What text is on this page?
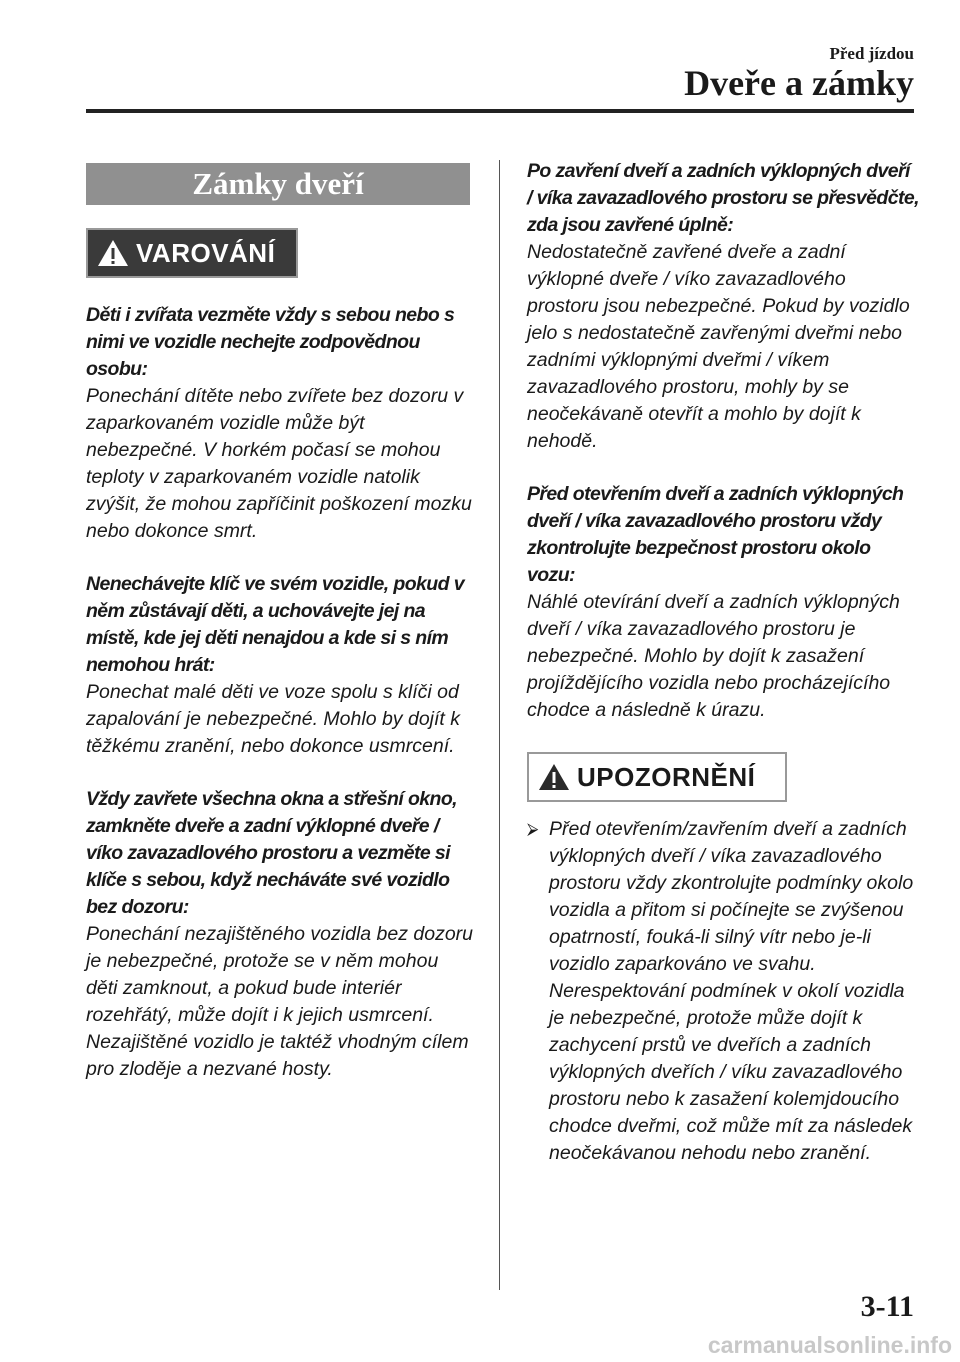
Před jízdou
Dveře a zámky
Zámky dveří
VAROVÁNÍ
Děti i zvířata vezměte vždy s sebou nebo s nimi ve vozidle nechejte zodpovědnou osobu:
Ponechání dítěte nebo zvířete bez dozoru v zaparkovaném vozidle může být nebezpečné. V horkém počasí se mohou teploty v zaparkovaném vozidle natolik zvýšit, že mohou zapříčinit poškození mozku nebo dokonce smrt.
Nenechávejte klíč ve svém vozidle, pokud v něm zůstávají děti, a uchovávejte jej na místě, kde jej děti nenajdou a kde si s ním nemohou hrát:
Ponechat malé děti ve voze spolu s klíči od zapalování je nebezpečné. Mohlo by dojít k těžkému zranění, nebo dokonce usmrcení.
Vždy zavřete všechna okna a střešní okno, zamkněte dveře a zadní výklopné dveře / víko zavazadlového prostoru a vezměte si klíče s sebou, když necháváte své vozidlo bez dozoru:
Ponechání nezajištěného vozidla bez dozoru je nebezpečné, protože se v něm mohou děti zamknout, a pokud bude interiér rozehřátý, může dojít i k jejich usmrcení. Nezajištěné vozidlo je taktéž vhodným cílem pro zloděje a nezvané hosty.
Po zavření dveří a zadních výklopných dveří / víka zavazadlového prostoru se přesvědčte, zda jsou zavřené úplně:
Nedostatečně zavřené dveře a zadní výklopné dveře / víko zavazadlového prostoru jsou nebezpečné. Pokud by vozidlo jelo s nedostatečně zavřenými dveřmi nebo zadními výklopnými dveřmi / víkem zavazadlového prostoru, mohly by se neočekávaně otevřít a mohlo by dojít k nehodě.
Před otevřením dveří a zadních výklopných dveří / víka zavazadlového prostoru vždy zkontrolujte bezpečnost prostoru okolo vozu:
Náhlé otevírání dveří a zadních výklopných dveří / víka zavazadlového prostoru je nebezpečné. Mohlo by dojít k zasažení projíždějícího vozidla nebo procházejícího chodce a následně k úrazu.
UPOZORNĚNÍ
⮚ Před otevřením/zavřením dveří a zadních výklopných dveří / víka zavazadlového prostoru vždy zkontrolujte podmínky okolo vozidla a přitom si počínejte se zvýšenou opatrností, fouká-li silný vítr nebo je-li vozidlo zaparkováno ve svahu. Nerespektování podmínek v okolí vozidla je nebezpečné, protože může dojít k zachycení prstů ve dveřích a zadních výklopných dveřích / víku zavazadlového prostoru nebo k zasažení kolemjdoucího chodce dveřmi, což může mít za následek neočekávanou nehodu nebo zranění.
3-11
carmanualsonline.info
